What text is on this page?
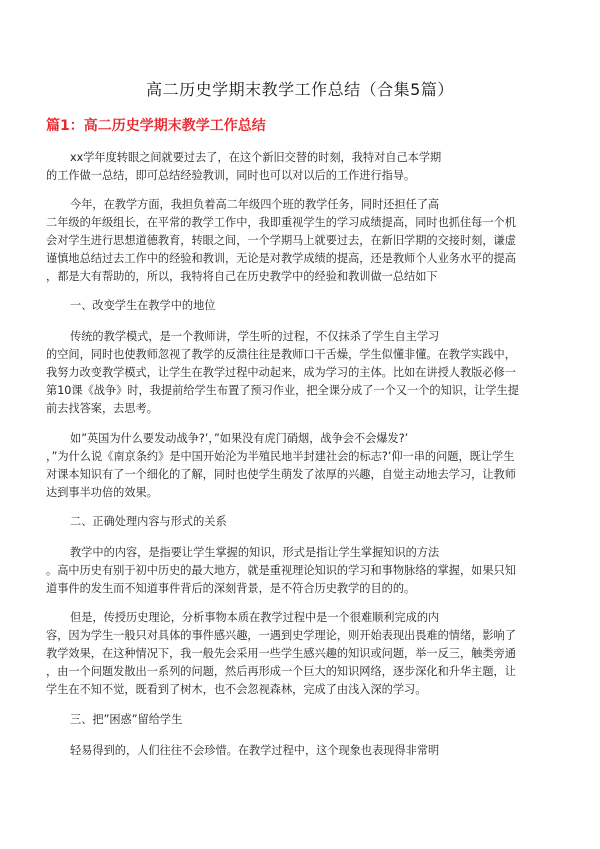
高二历史学期末教学工作总结（合集5篇）
篇1：高二历史学期末教学工作总结
xx学年度转眼之间就要过去了，在这个新旧交替的时刻，我特对自己本学期
的工作做一总结，即可总结经验教训，同时也可以对以后的工作进行指导。
今年，在教学方面，我担负着高二年级四个班的教学任务，同时还担任了高
二年级的年级组长，在平常的教学工作中，我即重视学生的学习成绩提高，同时也抓住每一个机
会对学生进行思想道德教育，转眼之间，一个学期马上就要过去，在新旧学期的交接时刻，谦虚
谨慎地总结过去工作中的经验和教训，无论是对教学成绩的提高，还是教师个人业务水平的提高
，都是大有帮助的，所以，我特将自己在历史教学中的经验和教训做一总结如下
一、改变学生在教学中的地位
传统的教学模式，是一个教师讲，学生听的过程，不仅抹杀了学生自主学习
的空间，同时也使教师忽视了教学的反溃往往是教师口干舌燥，学生似懂非懂。在教学实践中，
我努力改变教学模式，让学生在教学过程中动起来，成为学习的主体。比如在讲授人教版必修一
第10课《战争》时，我提前给学生布置了预习作业，把全课分成了一个又一个的知识，让学生提
前去找答案，去思考。
如”英国为什么要发动战争?’，”如果没有虎门硝烟，战争会不会爆发?’
，”为什么说《南京条约》是中国开始沦为半殖民地半封建社会的标志?’仰一串的问题，既让学生
对课本知识有了一个细化的了解，同时也使学生萌发了浓厚的兴趣，自觉主动地去学习，让教师
达到事半功倍的效果。
二、正确处理内容与形式的关系
教学中的内容，是指要让学生掌握的知识，形式是指让学生掌握知识的方法
。高中历史有别于初中历史的最大地方，就是重视理论知识的学习和事物脉络的掌握，如果只知
道事件的发生而不知道事件背后的深刻背景，是不符合历史教学的目的的。
但是，传授历史理论，分析事物本质在教学过程中是一个很难顺利完成的内
容，因为学生一般只对具体的事件感兴趣，一遇到史学理论，则开始表现出畏难的情绪，影响了
教学效果，在这种情况下，我一般先会采用一些学生感兴趣的知识或问题，举一反三，触类旁通
，由一个问题发散出一系列的问题，然后再形成一个巨大的知识网络，逐步深化和升华主题，让
学生在不知不觉，既看到了树木，也不会忽视森林，完成了由浅入深的学习。
三、把”困惑”留给学生
轻易得到的，人们往往不会珍惜。在教学过程中，这个现象也表现得非常明
